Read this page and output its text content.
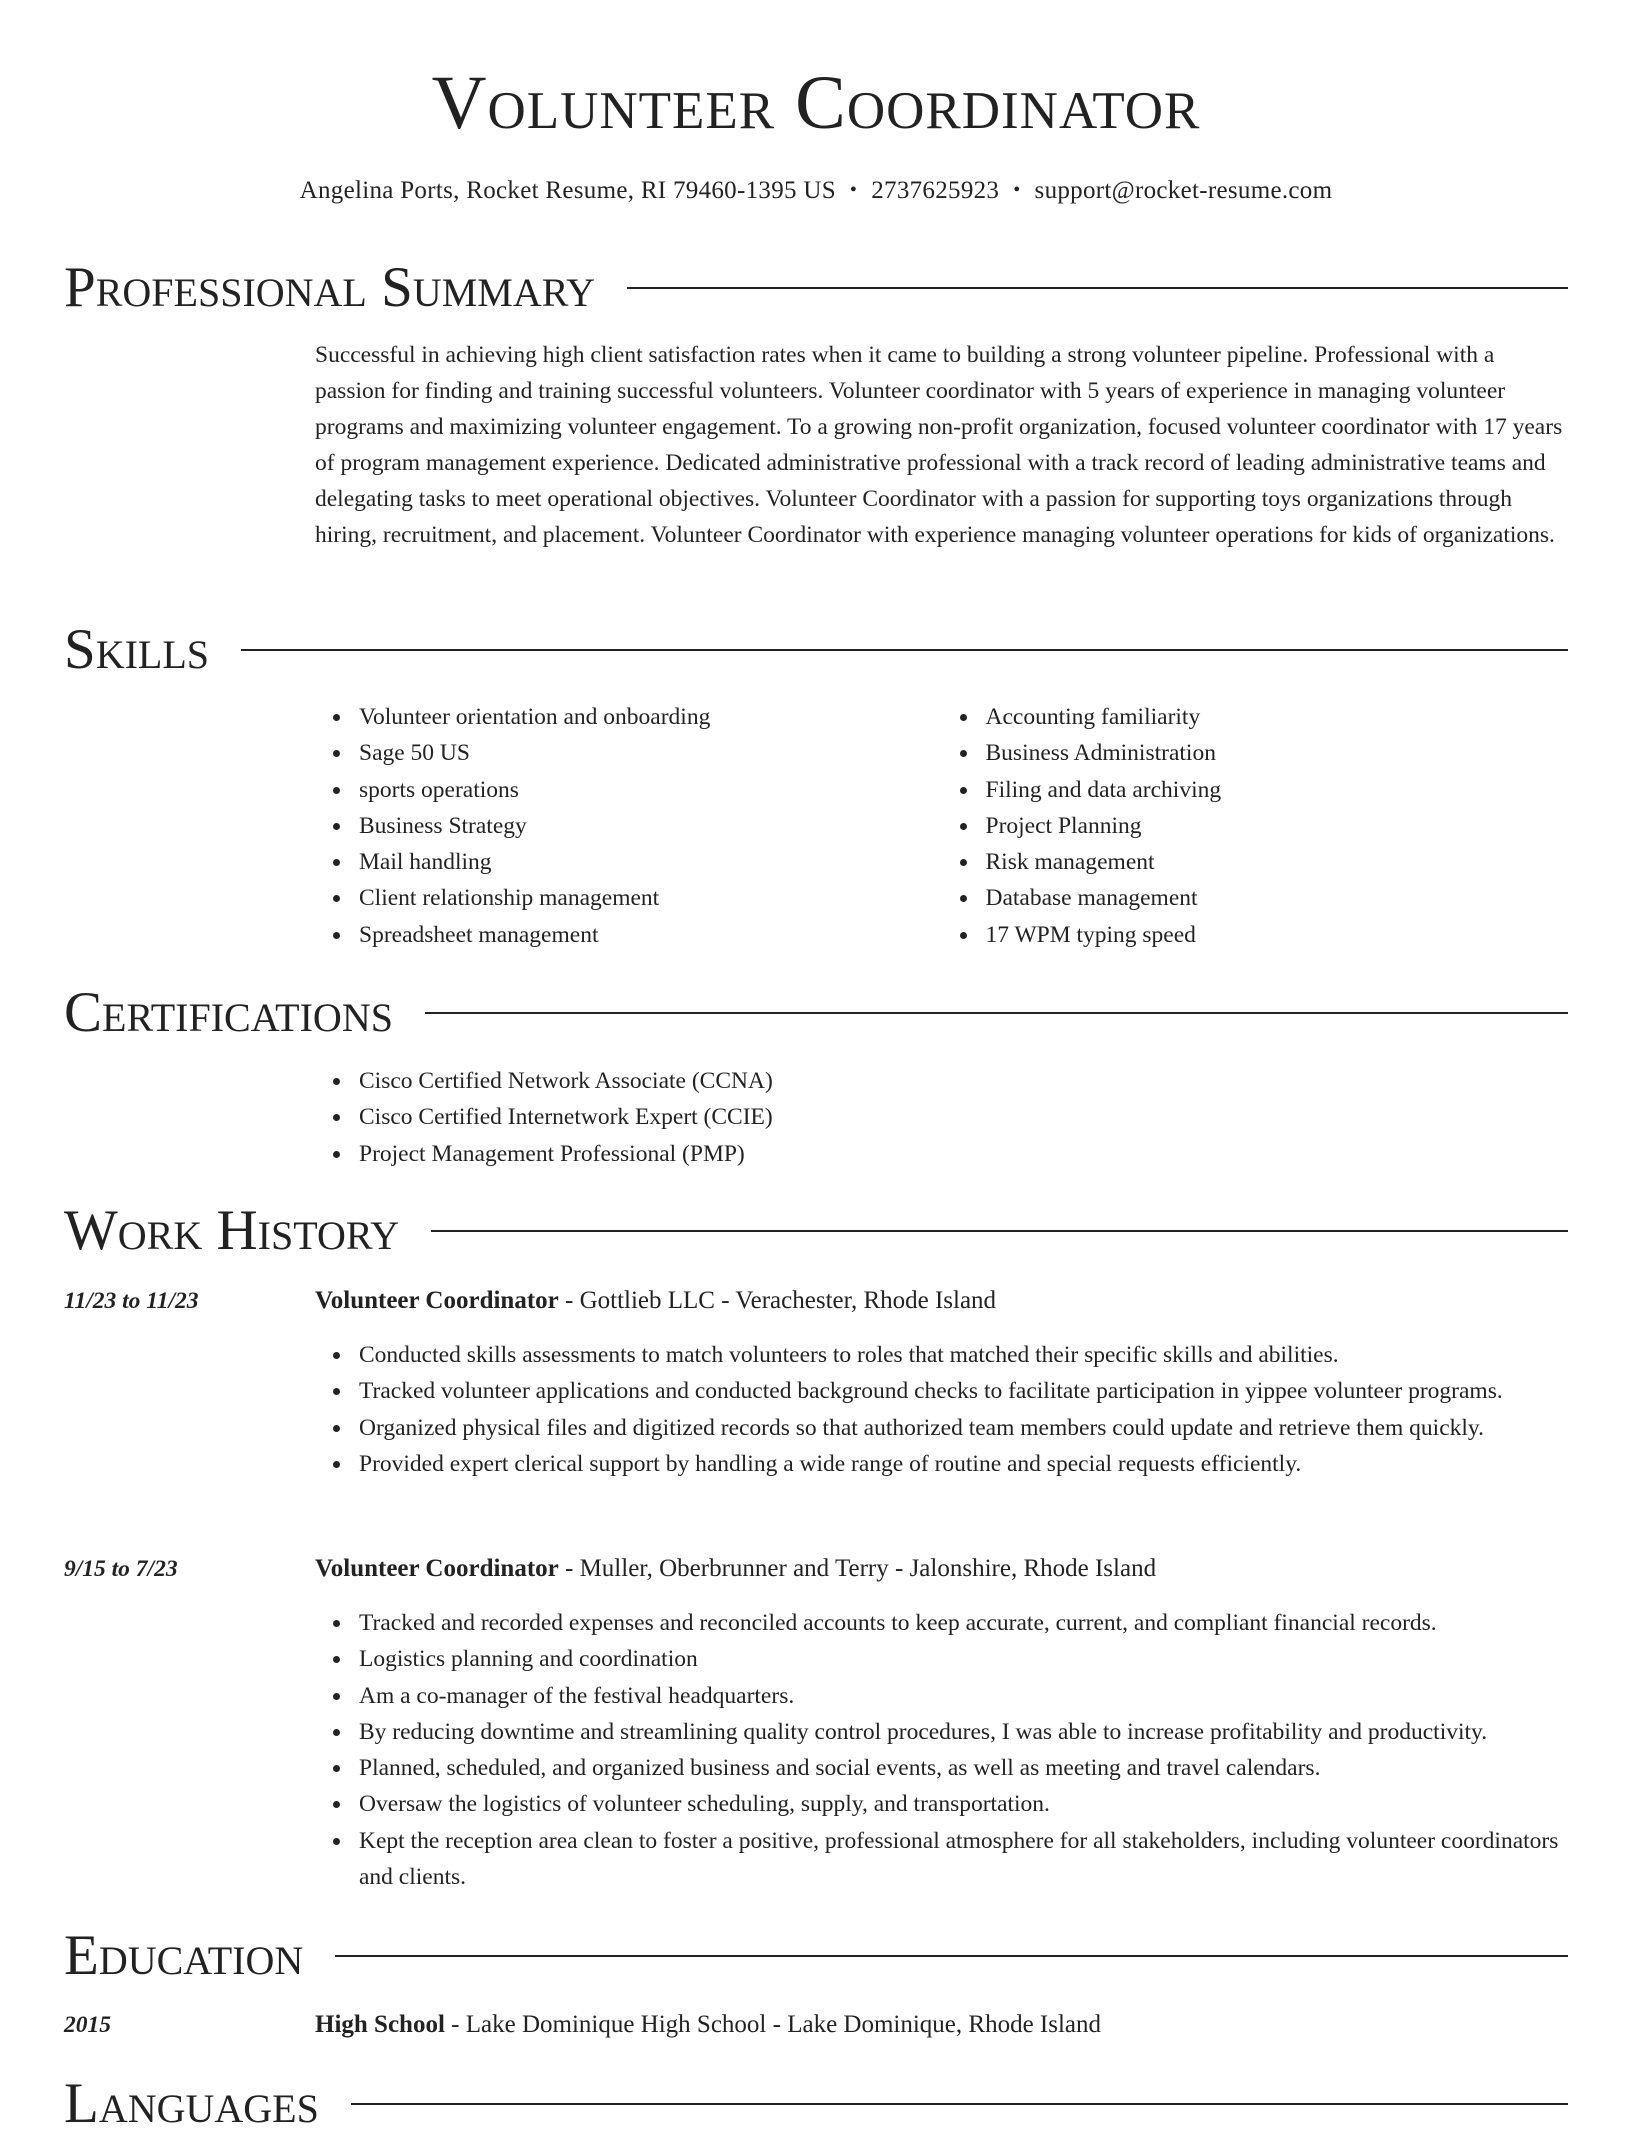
Volunteer Coordinator
Angelina Ports, Rocket Resume, RI 79460-1395 US • 2737625923 • support@rocket-resume.com
Professional Summary

Successful in achieving high client satisfaction rates when it came to building a strong volunteer pipeline. Professional with a passion for finding and training successful volunteers. Volunteer coordinator with 5 years of experience in managing volunteer programs and maximizing volunteer engagement. To a growing non-profit organization, focused volunteer coordinator with 17 years of program management experience. Dedicated administrative professional with a track record of leading administrative teams and delegating tasks to meet operational objectives. Volunteer Coordinator with a passion for supporting toys organizations through hiring, recruitment, and placement. Volunteer Coordinator with experience managing volunteer operations for kids of organizations.

Skills
Volunteer orientation and onboarding
Sage 50 US
sports operations
Business Strategy
Mail handling
Client relationship management
Spreadsheet management
Accounting familiarity
Business Administration
Filing and data archiving
Project Planning
Risk management
Database management
17 WPM typing speed
Certifications
Cisco Certified Network Associate (CCNA)
Cisco Certified Internetwork Expert (CCIE)
Project Management Professional (PMP)
Work History
11/23 to 11/23	Volunteer Coordinator - Gottlieb LLC - Verachester, Rhode Island
Conducted skills assessments to match volunteers to roles that matched their specific skills and abilities.
Tracked volunteer applications and conducted background checks to facilitate participation in yippee volunteer programs.
Organized physical files and digitized records so that authorized team members could update and retrieve them quickly.
Provided expert clerical support by handling a wide range of routine and special requests efficiently.
9/15 to 7/23	Volunteer Coordinator - Muller, Oberbrunner and Terry - Jalonshire, Rhode Island
Tracked and recorded expenses and reconciled accounts to keep accurate, current, and compliant financial records.
Logistics planning and coordination
Am a co-manager of the festival headquarters.
By reducing downtime and streamlining quality control procedures, I was able to increase profitability and productivity.
Planned, scheduled, and organized business and social events, as well as meeting and travel calendars.
Oversaw the logistics of volunteer scheduling, supply, and transportation.
Kept the reception area clean to foster a positive, professional atmosphere for all stakeholders, including volunteer coordinators and clients.
Education
2015	High School - Lake Dominique High School - Lake Dominique, Rhode Island
Languages
